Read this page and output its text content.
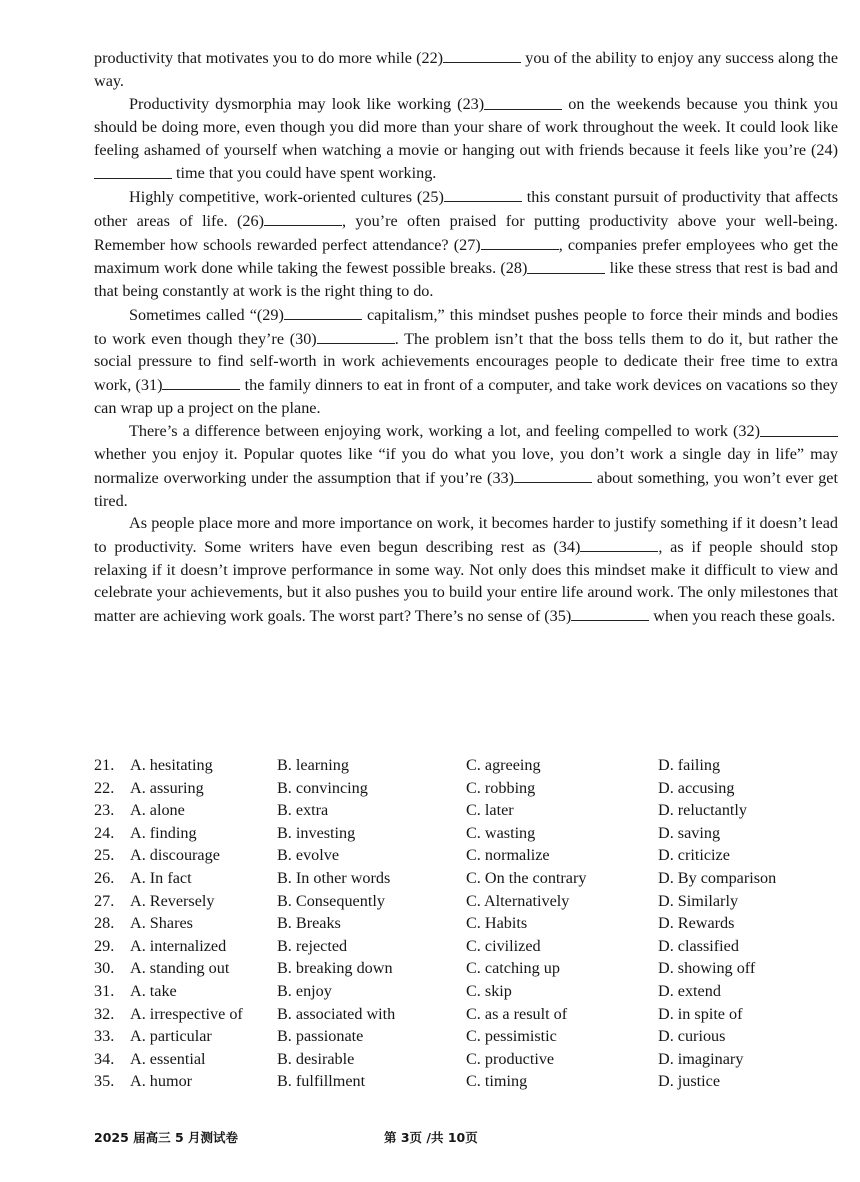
productivity that motivates you to do more while (22)	you of the ability to enjoy any success along the way.

Productivity dysmorphia may look like working (23)	on the weekends because you think you should be doing more, even though you did more than your share of work throughout the week. It could look like feeling ashamed of yourself when watching a movie or hanging out with friends because it feels like you’re (24) time that you could have spent working.

Highly competitive, work-oriented cultures (25)	this constant pursuit of productivity that affects other areas of life. (26)	, you’re often praised for putting productivity above your well-being. Remember how schools rewarded perfect attendance? (27)	, companies prefer employees who get the maximum work done while taking the fewest possible breaks. (28)	like these stress that rest is bad and that being constantly at work is the right thing to do.

Sometimes called “(29)	capitalism,” this mindset pushes people to force their minds and bodies to work even though they’re (30)	. The problem isn’t that the boss tells them to do it, but rather the social pressure to find self-worth in work achievements encourages people to dedicate their free time to extra work, (31)	the family dinners to eat in front of a computer, and take work devices on vacations so they can wrap up a project on the plane.

There’s a difference between enjoying work, working a lot, and feeling compelled to work (32) whether you enjoy it. Popular quotes like “if you do what you love, you don’t work a single day in life” may normalize overworking under the assumption that if you’re (33)	about something, you won’t ever get tired.

As people place more and more importance on work, it becomes harder to justify something if it doesn’t lead to productivity. Some writers have even begun describing rest as (34)	, as if people should stop relaxing if it doesn’t improve performance in some way. Not only does this mindset make it difficult to view and celebrate your achievements, but it also pushes you to build your entire life around work. The only milestones that matter are achieving work goals. The worst part? There’s no sense of (35)	when you reach these goals.

21. A. hesitating	B. learning	C. agreeing	D. failing
22. A. assuring	B. convincing	C. robbing	D. accusing
23. A. alone	B. extra	C. later	D. reluctantly
24. A. finding	B. investing	C. wasting	D. saving
25. A. discourage	B. evolve	C. normalize	D. criticize
26. A. In fact	B. In other words	C. On the contrary	D. By comparison
27. A. Reversely	B. Consequently	C. Alternatively	D. Similarly
28. A. Shares	B. Breaks	C. Habits	D. Rewards
29. A. internalized	B. rejected	C. civilized	D. classified
30. A. standing out	B. breaking down	C. catching up	D. showing off
31. A. take	B. enjoy	C. skip	D. extend
32. A. irrespective of	B. associated with	C. as a result of	D. in spite of
33. A. particular	B. passionate	C. pessimistic	D. curious
34. A. essential	B. desirable	C. productive	D. imaginary
35. A. humor	B. fulfillment	C. timing	D. justice
2025 届高三 5 月测试卷	第 3页 /共 10页
